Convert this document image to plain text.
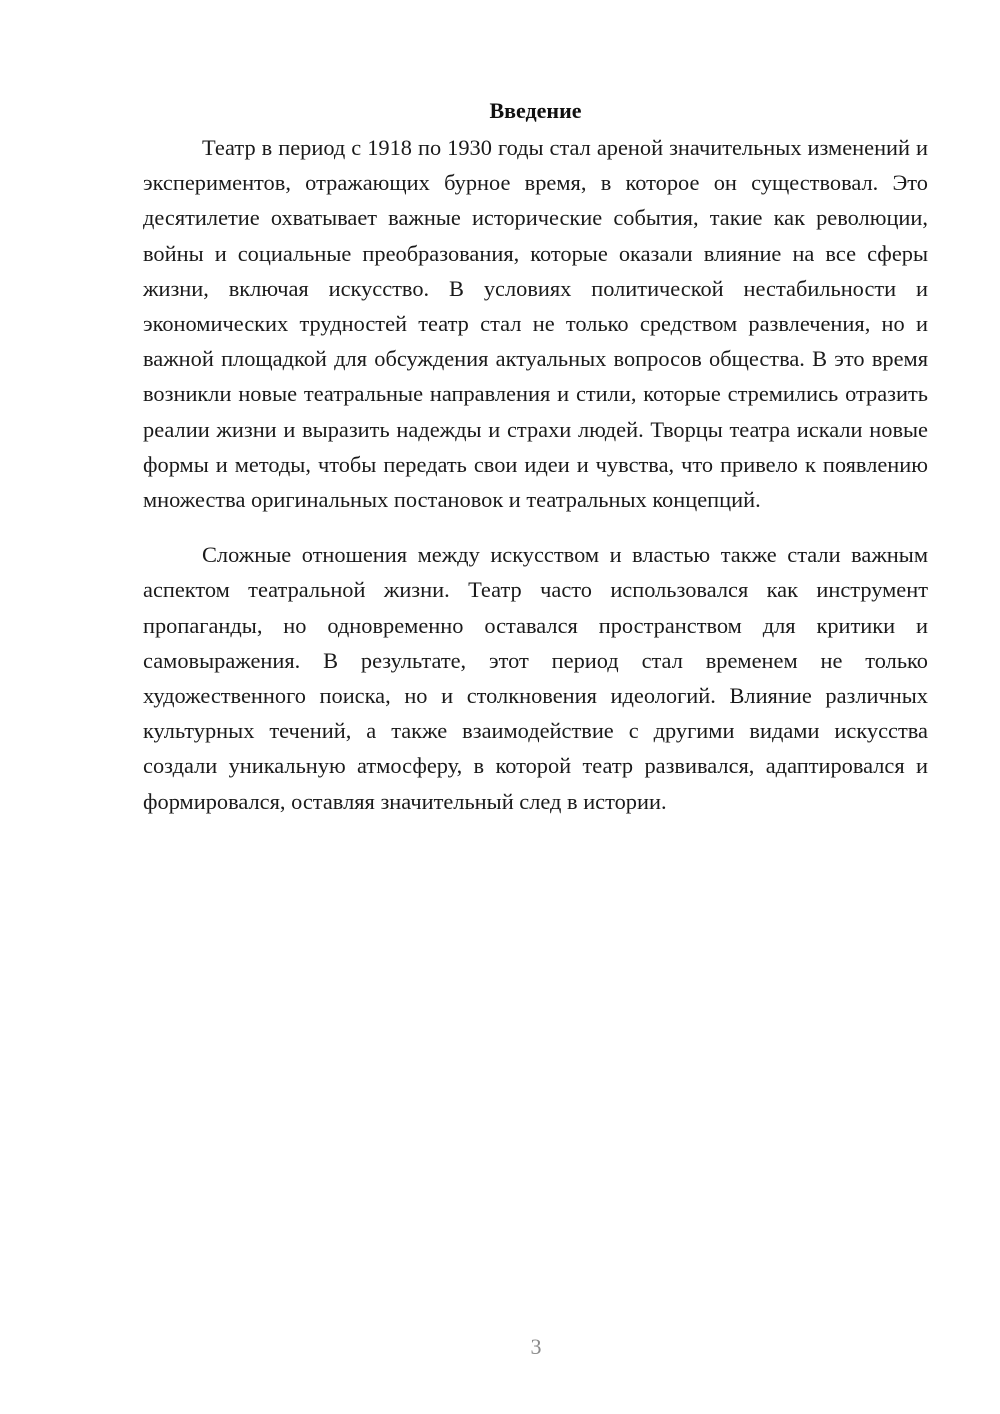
Введение

Театр в период с 1918 по 1930 годы стал ареной значительных изменений и экспериментов, отражающих бурное время, в которое он существовал. Это десятилетие охватывает важные исторические события, такие как революции, войны и социальные преобразования, которые оказали влияние на все сферы жизни, включая искусство. В условиях политической нестабильности и экономических трудностей театр стал не только средством развлечения, но и важной площадкой для обсуждения актуальных вопросов общества. В это время возникли новые театральные направления и стили, которые стремились отразить реалии жизни и выразить надежды и страхи людей. Творцы театра искали новые формы и методы, чтобы передать свои идеи и чувства, что привело к появлению множества оригинальных постановок и театральных концепций.

Сложные отношения между искусством и властью также стали важным аспектом театральной жизни. Театр часто использовался как инструмент пропаганды, но одновременно оставался пространством для критики и самовыражения. В результате, этот период стал временем не только художественного поиска, но и столкновения идеологий. Влияние различных культурных течений, а также взаимодействие с другими видами искусства создали уникальную атмосферу, в которой театр развивался, адаптировался и формировался, оставляя значительный след в истории.

3
